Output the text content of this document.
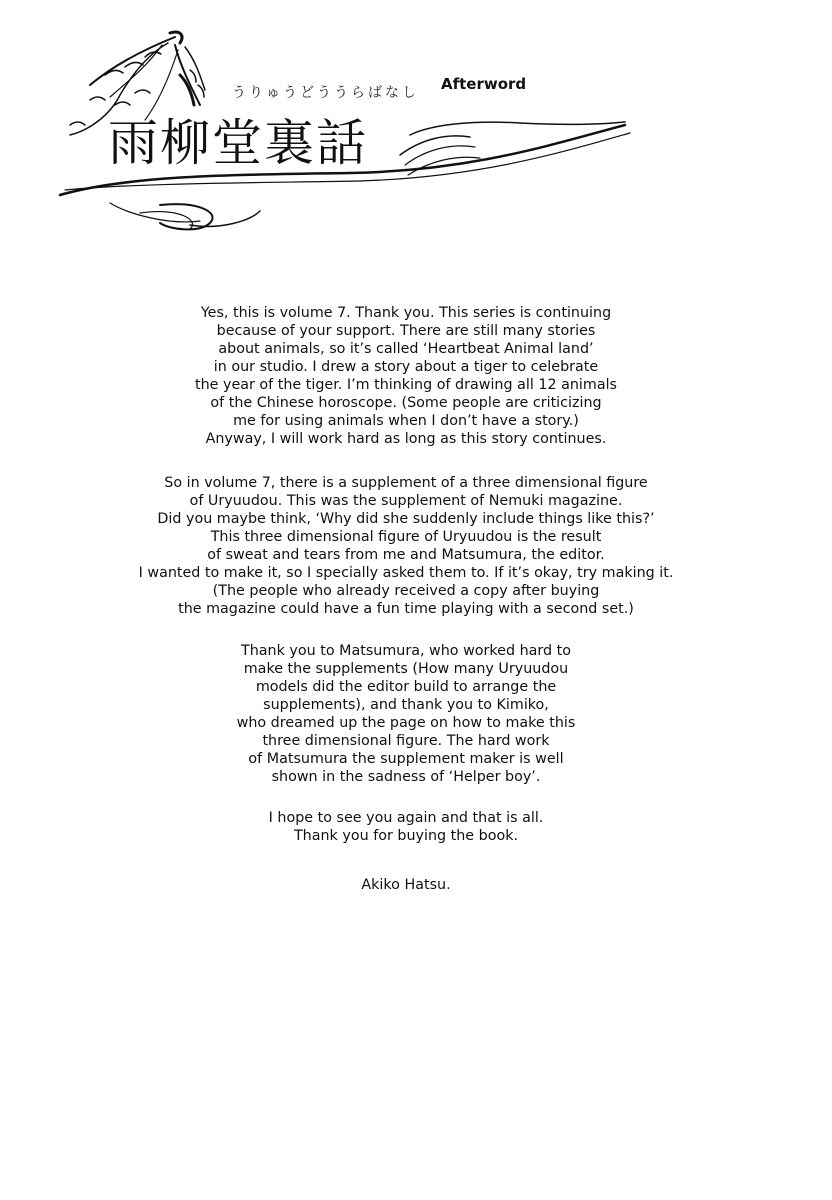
うりゅうどううらばなし
雨柳堂裏話
Afterword
Yes, this is volume 7. Thank you. This series is continuing
because of your support. There are still many stories
about animals, so it’s called ‘Heartbeat Animal land’
in our studio. I drew a story about a tiger to celebrate
the year of the tiger. I’m thinking of drawing all 12 animals
of the Chinese horoscope. (Some people are criticizing
me for using animals when I don’t have a story.)
Anyway, I will work hard as long as this story continues.
So in volume 7, there is a supplement of a three dimensional figure
of Uryuudou. This was the supplement of Nemuki magazine.
Did you maybe think, ‘Why did she suddenly include things like this?’
This three dimensional figure of Uryuudou is the result
of sweat and tears from me and Matsumura, the editor.
I wanted to make it, so I specially asked them to. If it’s okay, try making it.
(The people who already received a copy after buying
the magazine could have a fun time playing with a second set.)
Thank you to Matsumura, who worked hard to
make the supplements (How many Uryuudou
models did the editor build to arrange the
supplements), and thank you to Kimiko,
who dreamed up the page on how to make this
three dimensional figure. The hard work
of Matsumura the supplement maker is well
shown in the sadness of ‘Helper boy’.
I hope to see you again and that is all.
Thank you for buying the book.
Akiko Hatsu.
